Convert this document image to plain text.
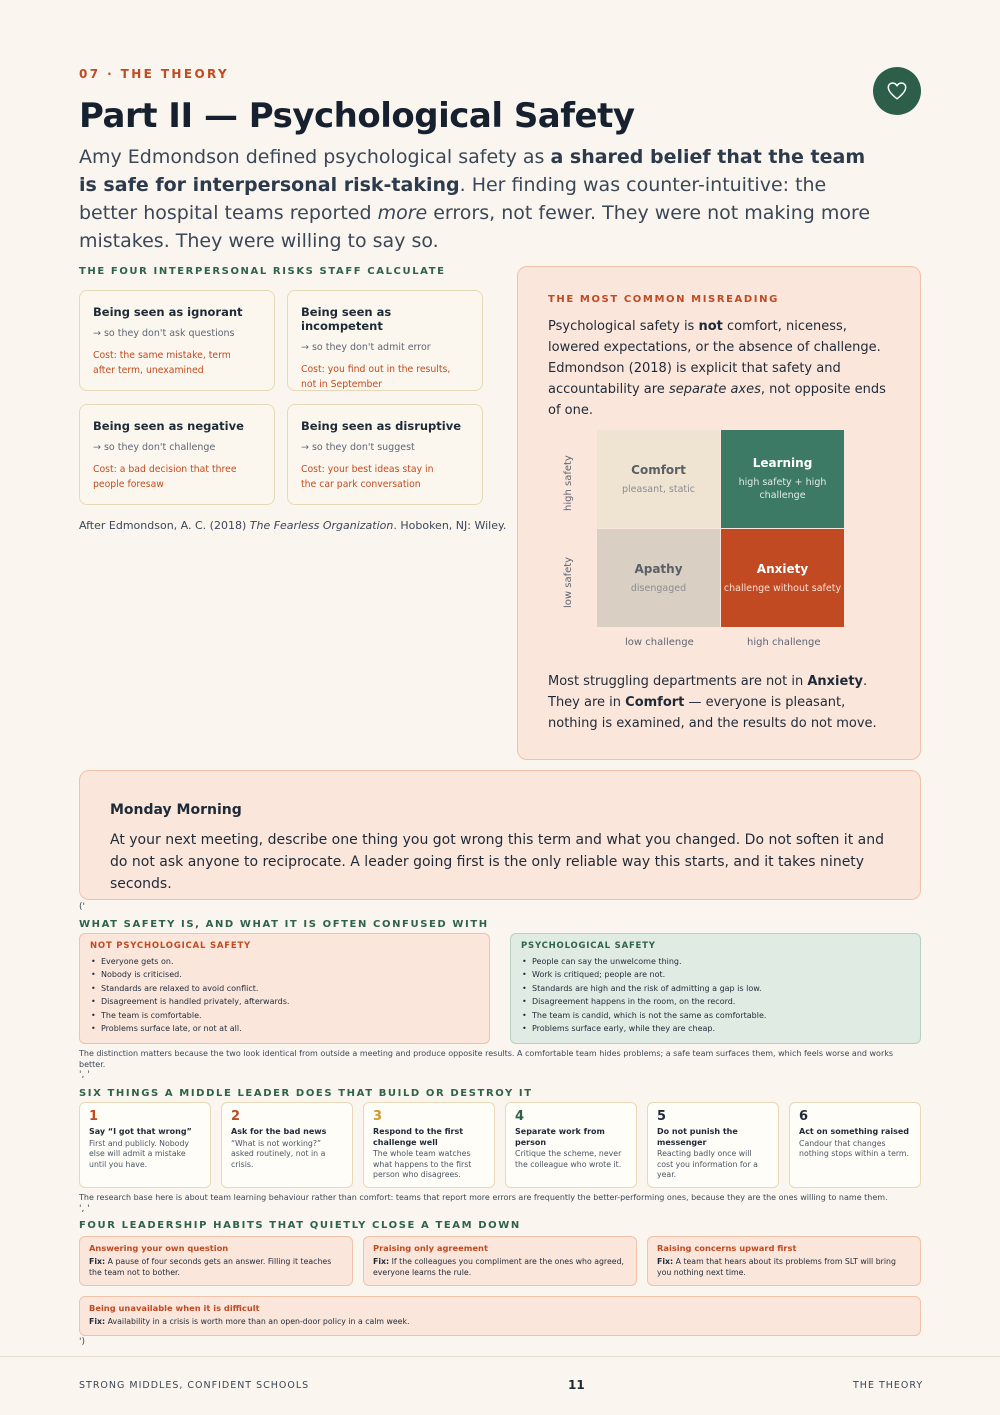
07 · THE THEORY
Part II — Psychological Safety

Amy Edmondson defined psychological safety as a shared belief that the team is safe for interpersonal risk-taking. Her finding was counter-intuitive: the better hospital teams reported more errors, not fewer. They were not making more mistakes. They were willing to say so.

THE FOUR INTERPERSONAL RISKS STAFF CALCULATE
Being seen as ignorant
→ so they don't ask questions
Cost: the same mistake, term after term, unexamined
Being seen as incompetent
→ so they don't admit error
Cost: you find out in the results, not in September
Being seen as negative
→ so they don't challenge
Cost: a bad decision that three people foresaw
Being seen as disruptive
→ so they don't suggest
Cost: your best ideas stay in the car park conversation
After Edmondson, A. C. (2018) The Fearless Organization. Hoboken, NJ: Wiley.
THE MOST COMMON MISREADING

Psychological safety is not comfort, niceness, lowered expectations, or the absence of challenge. Edmondson (2018) is explicit that safety and accountability are separate axes, not opposite ends of one.

Comfort
pleasant, static
Learning
high safety + high challenge
Apathy
disengaged
Anxiety
challenge without safety
high safety
low safety
low challenge	high challenge

Most struggling departments are not in Anxiety. They are in Comfort — everyone is pleasant, nothing is examined, and the results do not move.

Monday Morning

At your next meeting, describe one thing you got wrong this term and what you changed. Do not soften it and do not ask anyone to reciprocate. A leader going first is the only reliable way this starts, and it takes ninety seconds.

('
WHAT SAFETY IS, AND WHAT IT IS OFTEN CONFUSED WITH
NOT PSYCHOLOGICAL SAFETY
• Everyone gets on.
• Nobody is criticised.
• Standards are relaxed to avoid conflict.
• Disagreement is handled privately, afterwards.
• The team is comfortable.
• Problems surface late, or not at all.
PSYCHOLOGICAL SAFETY
• People can say the unwelcome thing.
• Work is critiqued; people are not.
• Standards are high and the risk of admitting a gap is low.
• Disagreement happens in the room, on the record.
• The team is candid, which is not the same as comfortable.
• Problems surface early, while they are cheap.
The distinction matters because the two look identical from outside a meeting and produce opposite results. A comfortable team hides problems; a safe team surfaces them, which feels worse and works better.
', '
SIX THINGS A MIDDLE LEADER DOES THAT BUILD OR DESTROY IT
1
Say “I got that wrong”
First and publicly. Nobody else will admit a mistake until you have.
2
Ask for the bad news
“What is not working?” asked routinely, not in a crisis.
3
Respond to the first challenge well
The whole team watches what happens to the first person who disagrees.
4
Separate work from person
Critique the scheme, never the colleague who wrote it.
5
Do not punish the messenger
Reacting badly once will cost you information for a year.
6
Act on something raised
Candour that changes nothing stops within a term.
The research base here is about team learning behaviour rather than comfort: teams that report more errors are frequently the better-performing ones, because they are the ones willing to name them.
', '
FOUR LEADERSHIP HABITS THAT QUIETLY CLOSE A TEAM DOWN
Answering your own question
Fix: A pause of four seconds gets an answer. Filling it teaches the team not to bother.
Praising only agreement
Fix: If the colleagues you compliment are the ones who agreed, everyone learns the rule.
Raising concerns upward first
Fix: A team that hears about its problems from SLT will bring you nothing next time.
Being unavailable when it is difficult
Fix: Availability in a crisis is worth more than an open-door policy in a calm week.
')
STRONG MIDDLES, CONFIDENT SCHOOLS	11	THE THEORY
